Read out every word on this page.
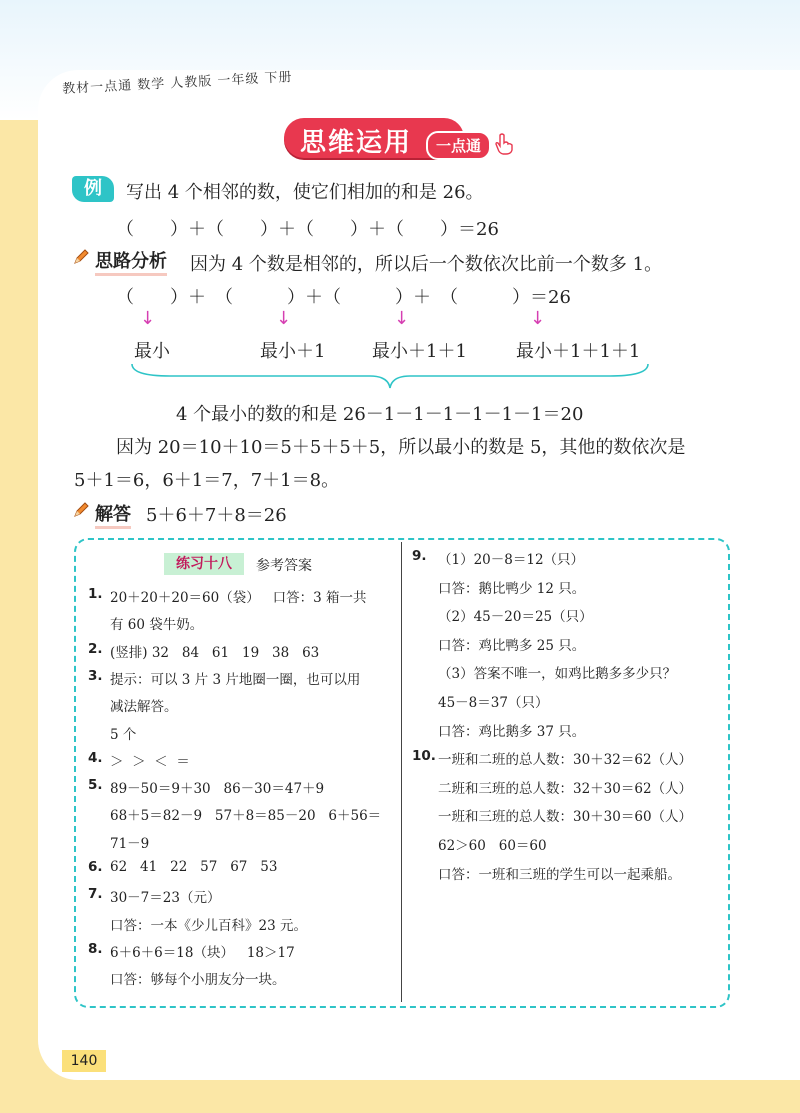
教材一点通 数学 人教版 一年级 下册
思维运用	一点通
例	写出 4 个相邻的数，使它们相加的和是 26。
（　　）＋（　　）＋（　　）＋（　　）＝26
思路分析 因为 4 个数是相邻的，所以后一个数依次比前一个数多 1。
（　　）＋　（　　　）＋（　　　）＋　（　　　）＝26
↓	↓	↓	↓
最小	最小＋1	最小＋1＋1	最小＋1＋1＋1
4 个最小的数的和是 26－1－1－1－1－1－1＝20
因为 20＝10＋10＝5＋5＋5＋5，所以最小的数是 5，其他的数依次是
5＋1＝6，6＋1＝7，7＋1＝8。
解答 5＋6＋7＋8＝26
练习十八	参考答案
1. 20＋20＋20＝60（袋）   口答：3 箱一共
有 60 袋牛奶。
2. (竖排) 32   84   61   19   38   63
3. 提示：可以 3 片 3 片地圈一圈，也可以用
减法解答。
5 个
4. ＞  ＞  ＜  ＝
5. 89－50＝9＋30   86－30＝47＋9
68＋5＝82－9   57＋8＝85－20   6＋56＝
71－9
6. 62   41   22   57   67   53
7. 30－7＝23（元）
口答：一本《少儿百科》23 元。
8. 6＋6＋6＝18（块）   18＞17
口答：够每个小朋友分一块。
9. （1）20－8＝12（只）
口答：鹅比鸭少 12 只。
（2）45－20＝25（只）
口答：鸡比鸭多 25 只。
（3）答案不唯一，如鸡比鹅多多少只？
45－8＝37（只）
口答：鸡比鹅多 37 只。
10. 一班和二班的总人数：30＋32＝62（人）
二班和三班的总人数：32＋30＝62（人）
一班和三班的总人数：30＋30＝60（人）
62＞60   60＝60
口答：一班和三班的学生可以一起乘船。
140
